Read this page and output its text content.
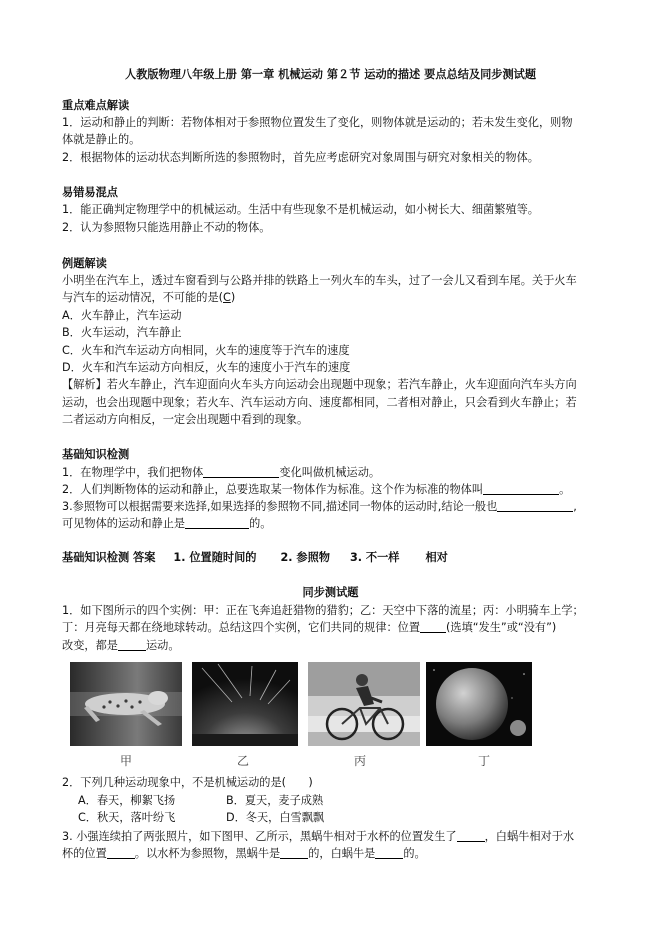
人教版物理八年级上册 第一章 机械运动 第２节 运动的描述 要点总结及同步测试题
重点难点解读
1．运动和静止的判断：若物体相对于参照物位置发生了变化，则物体就是运动的；若未发生变化，则物
体就是静止的。
2．根据物体的运动状态判断所选的参照物时，首先应考虑研究对象周围与研究对象相关的物体。
易错易混点
1．能正确判定物理学中的机械运动。生活中有些现象不是机械运动，如小树长大、细菌繁殖等。
2．认为参照物只能选用静止不动的物体。
例题解读
小明坐在汽车上，透过车窗看到与公路并排的铁路上一列火车的车头，过了一会儿又看到车尾。关于火车
与汽车的运动情况，不可能的是(C)
A．火车静止，汽车运动
B．火车运动，汽车静止
C．火车和汽车运动方向相同，火车的速度等于汽车的速度
D．火车和汽车运动方向相反，火车的速度小于汽车的速度
【解析】若火车静止，汽车迎面向火车头方向运动会出现题中现象；若汽车静止，火车迎面向汽车头方向
运动，也会出现题中现象；若火车、汽车运动方向、速度都相同，二者相对静止，只会看到火车静止；若
二者运动方向相反，一定会出现题中看到的现象。
基础知识检测
1．在物理学中，我们把物体	变化叫做机械运动。
2．人们判断物体的运动和静止，总要选取某一物体作为标准。这个作为标准的物体叫	。
3.参照物可以根据需要来选择,如果选择的参照物不同,描述同一物体的运动时,结论一般也	,
可见物体的运动和静止是	的。
基础知识检测 答案 1. 位置随时间的 2. 参照物 3. 不一样 相对
同步测试题
1．如下图所示的四个实例：甲：正在飞奔追赶猎物的猎豹；乙：天空中下落的流星；丙：小明骑车上学；
丁：月亮每天都在绕地球转动。总结这四个实例，它们共同的规律：位置 (选填“发生”或“没有”)
改变，都是	运动。
甲	乙	丙	丁
2．下列几种运动现象中，不是机械运动的是(　　)
A．春天，柳絮飞扬	B．夏天，麦子成熟
C．秋天，落叶纷飞	D．冬天，白雪飘飘
3. 小强连续拍了两张照片，如下图甲、乙所示，黑蜗牛相对于水杯的位置发生了	，白蜗牛相对于水
杯的位置	。以水杯为参照物，黑蜗牛是	的，白蜗牛是	的。
